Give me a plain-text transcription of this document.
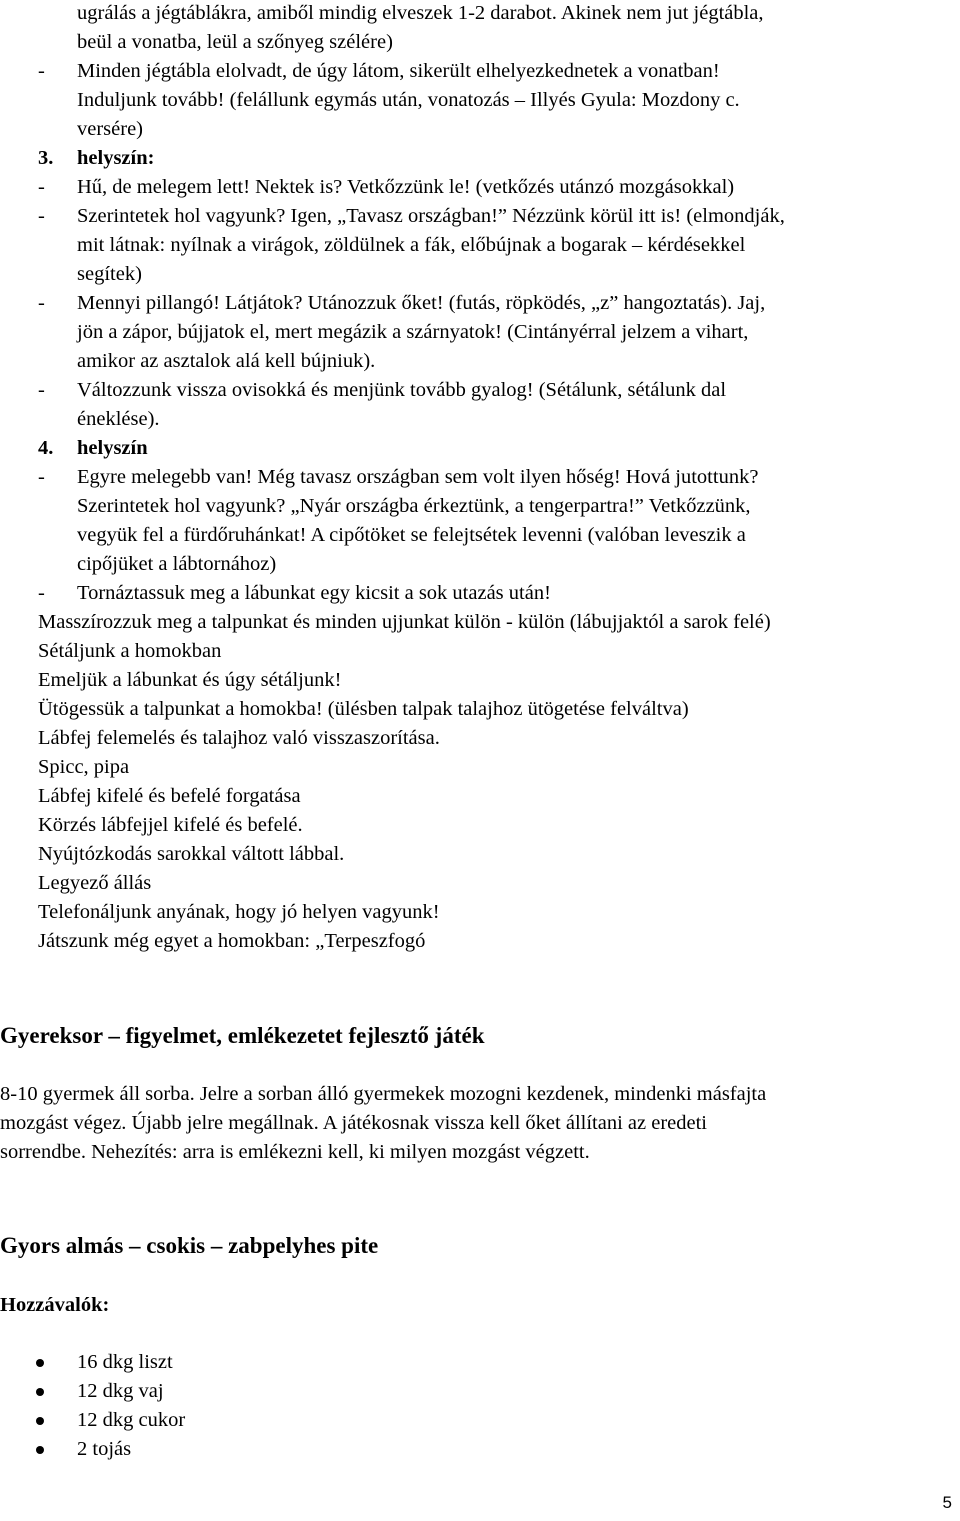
ugrálás a jégtáblákra, amiből mindig elveszek 1-2 darabot. Akinek nem jut jégtábla,
beül a vonatba, leül a szőnyeg szélére)
- Minden jégtábla elolvadt, de úgy látom, sikerült elhelyezkednetek a vonatban!
Induljunk tovább! (felállunk egymás után, vonatozás – Illyés Gyula: Mozdony c.
versére)
3. helyszín:
- Hű, de melegem lett! Nektek is? Vetkőzzünk le! (vetkőzés utánzó mozgásokkal)
- Szerintetek hol vagyunk? Igen, „Tavasz országban!” Nézzünk körül itt is! (elmondják,
mit látnak: nyílnak a virágok, zöldülnek a fák, előbújnak a bogarak – kérdésekkel
segítek)
- Mennyi pillangó! Látjátok? Utánozzuk őket! (futás, röpködés, „z” hangoztatás). Jaj,
jön a zápor, bújjatok el, mert megázik a szárnyatok! (Cintányérral jelzem a vihart,
amikor az asztalok alá kell bújniuk).
- Változzunk vissza ovisokká és menjünk tovább gyalog! (Sétálunk, sétálunk dal
éneklése).
4. helyszín
- Egyre melegebb van! Még tavasz országban sem volt ilyen hőség! Hová jutottunk?
Szerintetek hol vagyunk? „Nyár országba érkeztünk, a tengerpartra!” Vetkőzzünk,
vegyük fel a fürdőruhánkat! A cipőtöket se felejtsétek levenni (valóban leveszik a
cipőjüket a lábtornához)
- Tornáztassuk meg a lábunkat egy kicsit a sok utazás után!
Masszírozzuk meg a talpunkat és minden ujjunkat külön - külön (lábujjaktól a sarok felé)
Sétáljunk a homokban
Emeljük a lábunkat és úgy sétáljunk!
Ütögessük a talpunkat a homokba! (ülésben talpak talajhoz ütögetése felváltva)
Lábfej felemelés és talajhoz való visszaszorítása.
Spicc, pipa
Lábfej kifelé és befelé forgatása
Körzés lábfejjel kifelé és befelé.
Nyújtózkodás sarokkal váltott lábbal.
Legyező állás
Telefonáljunk anyának, hogy jó helyen vagyunk!
Játszunk még egyet a homokban: „Terpeszfogó
Gyereksor – figyelmet, emlékezetet fejlesztő játék
8-10 gyermek áll sorba. Jelre a sorban álló gyermekek mozogni kezdenek, mindenki másfajta
mozgást végez. Újabb jelre megállnak. A játékosnak vissza kell őket állítani az eredeti
sorrendbe. Nehezítés: arra is emlékezni kell, ki milyen mozgást végzett.
Gyors almás – csokis – zabpelyhes pite
Hozzávalók:
16 dkg liszt
12 dkg vaj
12 dkg cukor
2 tojás
5
